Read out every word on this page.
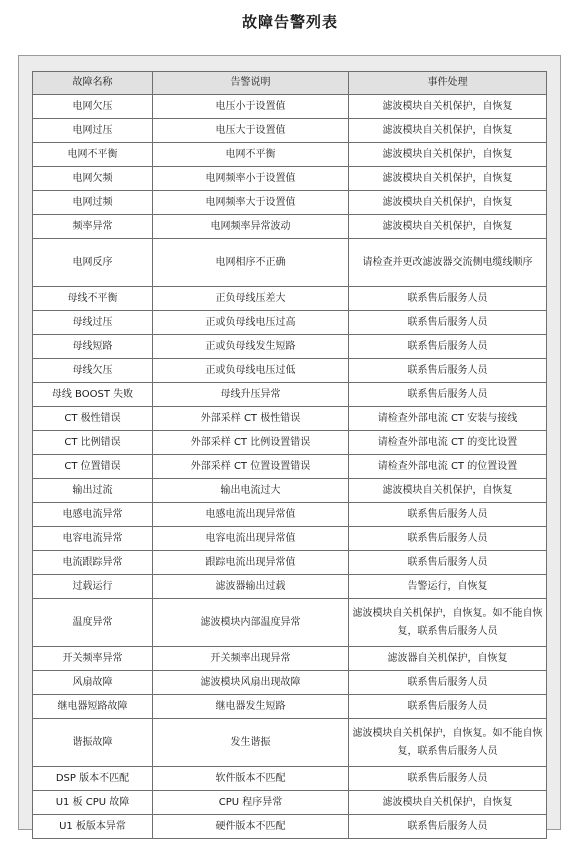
故障告警列表
故障名称	告警说明	事件处理
电网欠压	电压小于设置值	滤波模块自关机保护，自恢复
电网过压	电压大于设置值	滤波模块自关机保护，自恢复
电网不平衡	电网不平衡	滤波模块自关机保护，自恢复
电网欠频	电网频率小于设置值	滤波模块自关机保护，自恢复
电网过频	电网频率大于设置值	滤波模块自关机保护，自恢复
频率异常	电网频率异常波动	滤波模块自关机保护，自恢复
电网反序	电网相序不正确	请检查并更改滤波器交流侧电缆线顺序
母线不平衡	正负母线压差大	联系售后服务人员
母线过压	正或负母线电压过高	联系售后服务人员
母线短路	正或负母线发生短路	联系售后服务人员
母线欠压	正或负母线电压过低	联系售后服务人员
母线 BOOST 失败	母线升压异常	联系售后服务人员
CT 极性错误	外部采样 CT 极性错误	请检查外部电流 CT 安装与接线
CT 比例错误	外部采样 CT 比例设置错误	请检查外部电流 CT 的变比设置
CT 位置错误	外部采样 CT 位置设置错误	请检查外部电流 CT 的位置设置
输出过流	输出电流过大	滤波模块自关机保护，自恢复
电感电流异常	电感电流出现异常值	联系售后服务人员
电容电流异常	电容电流出现异常值	联系售后服务人员
电流跟踪异常	跟踪电流出现异常值	联系售后服务人员
过载运行	滤波器输出过载	告警运行，自恢复
温度异常	滤波模块内部温度异常	滤波模块自关机保护，自恢复。如不能自恢复，联系售后服务人员
开关频率异常	开关频率出现异常	滤波器自关机保护，自恢复
风扇故障	滤波模块风扇出现故障	联系售后服务人员
继电器短路故障	继电器发生短路	联系售后服务人员
谐振故障	发生谐振	滤波模块自关机保护，自恢复。如不能自恢复，联系售后服务人员
DSP 版本不匹配	软件版本不匹配	联系售后服务人员
U1 板 CPU 故障	CPU 程序异常	滤波模块自关机保护，自恢复
U1 板版本异常	硬件版本不匹配	联系售后服务人员
